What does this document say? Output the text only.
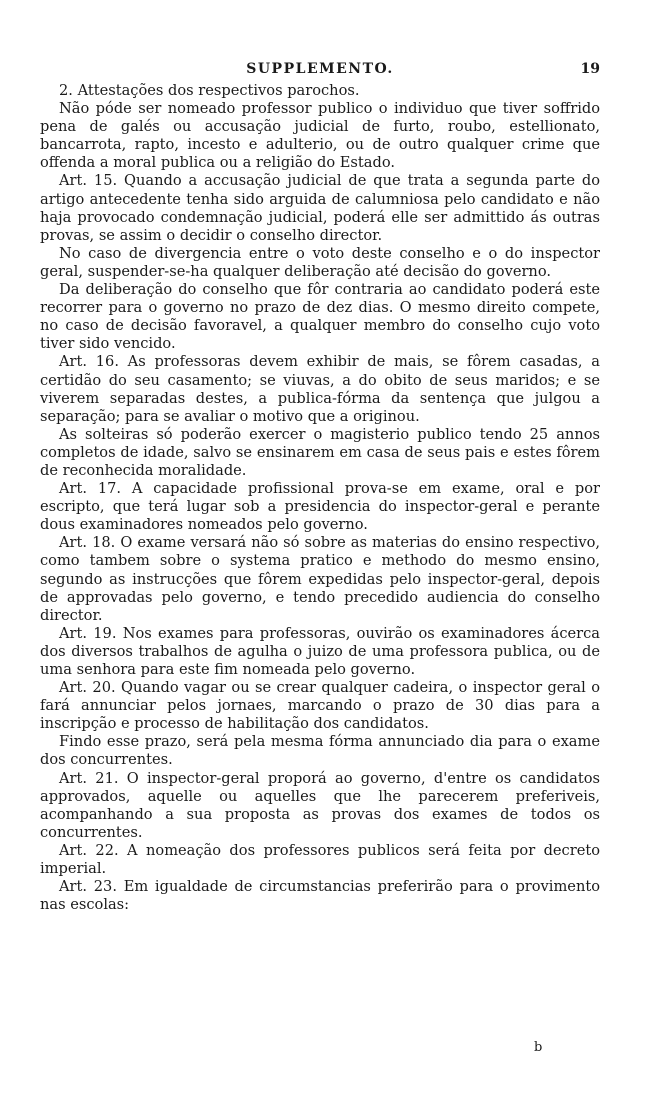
SUPPLEMENTO.	19

2. Attestações dos respectivos parochos.

Não póde ser nomeado professor publico o individuo que tiver soffrido pena de galés ou accusação judicial de furto, roubo, estellionato, bancarrota, rapto, incesto e adulterio, ou de outro qualquer crime que offenda a moral publica ou a religião do Estado.

Art. 15. Quando a accusação judicial de que trata a segunda parte do artigo antecedente tenha sido arguida de calumniosa pelo candidato e não haja provocado condemnação judicial, poderá elle ser admittido ás outras provas, se assim o decidir o conselho director.

No caso de divergencia entre o voto deste conselho e o do inspector geral, suspender-se-ha qualquer deliberação até decisão do governo.

Da deliberação do conselho que fôr contraria ao candidato poderá este recorrer para o governo no prazo de dez dias. O mesmo direito compete, no caso de decisão favoravel, a qualquer membro do conselho cujo voto tiver sido vencido.

Art. 16. As professoras devem exhibir de mais, se fôrem casadas, a certidão do seu casamento; se viuvas, a do obito de seus maridos; e se viverem separadas destes, a publica-fórma da sentença que julgou a separação; para se avaliar o motivo que a originou.

As solteiras só poderão exercer o magisterio publico tendo 25 annos completos de idade, salvo se ensinarem em casa de seus pais e estes fôrem de reconhecida moralidade.

Art. 17. A capacidade profissional prova-se em exame, oral e por escripto, que terá lugar sob a presidencia do inspector-geral e perante dous examinadores nomeados pelo governo.

Art. 18. O exame versará não só sobre as materias do ensino respectivo, como tambem sobre o systema pratico e methodo do mesmo ensino, segundo as instrucções que fôrem expedidas pelo inspector-geral, depois de approvadas pelo governo, e tendo precedido audiencia do conselho director.

Art. 19. Nos exames para professoras, ouvirão os examinadores ácerca dos diversos trabalhos de agulha o juizo de uma professora publica, ou de uma senhora para este fim nomeada pelo governo.

Art. 20. Quando vagar ou se crear qualquer cadeira, o inspector geral o fará annunciar pelos jornaes, marcando o prazo de 30 dias para a inscripção e processo de habilitação dos candidatos.

Findo esse prazo, será pela mesma fórma annunciado dia para o exame dos concurrentes.

Art. 21. O inspector-geral proporá ao governo, d'entre os candidatos approvados, aquelle ou aquelles que lhe parecerem preferiveis, acompanhando a sua proposta as provas dos exames de todos os concurrentes.

Art. 22. A nomeação dos professores publicos será feita por decreto imperial.

Art. 23. Em igualdade de circumstancias preferirão para o provimento nas escolas:

b
